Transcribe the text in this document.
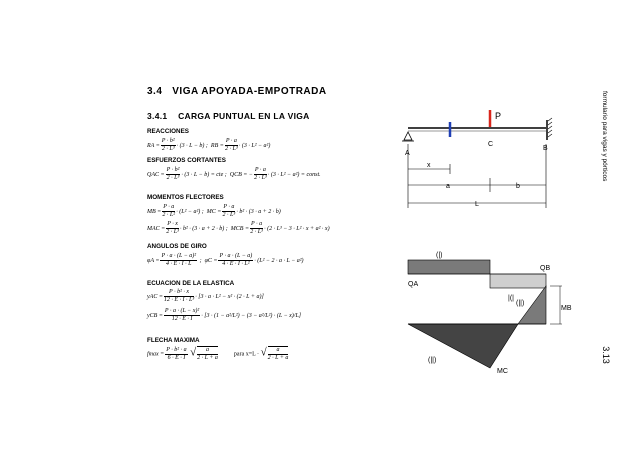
3.4 VIGA APOYADA-EMPOTRADA
3.4.1 CARGA PUNTUAL EN LA VIGA
REACCIONES
RA = $\frac{\text{P · b²}}{\text{2 · L³}} \cdot (3 \cdot L - b)$ ; RB = $\frac{P \cdot a}{\text{2 · L³}} \cdot (3 \cdot L^2 - a^2)$
ESFUERZOS CORTANTES
QAC = $\frac{\text{P · b²}}{\text{2 · L³}} \cdot (3 \cdot L - b)$ = cte ; QCB = − $\frac{P \cdot a}{\text{2 · L³}} \cdot (3 \cdot L^2 - a^2)$ = const.
MOMENTOS FLECTORES
MB = $\frac{P \cdot a}{\text{2 · L²}} \cdot (L^2 - a^2)$ ; MC = $\frac{P \cdot a}{\text{2 · L³}} \cdot b^2 \cdot (3 \cdot a + 2 \cdot b)$
MAC = $\frac{P \cdot x}{\text{2 · L³}} \cdot b^2 \cdot (3 \cdot a + 2 \cdot b)$ ; MCB = $\frac{P \cdot a}{\text{2 · L³}} \cdot (2 \cdot L^3 - 3 \cdot L^2 \cdot x + a^2 \cdot x)$
ANGULOS DE GIRO
$\varphi A = \frac{\text{P · a · (L − a)²}}{4 \cdot E \cdot I \cdot L}$ ; $\varphi C = \frac{P \cdot a \cdot (L - a)}{\text{4 · E · I · L²}} \cdot (L^2 - 2 \cdot a \cdot L - a^2)$
ECUACION DE LA ELASTICA
yAC = $\frac{\text{P · b² · x}}{\text{12 · E · I · L³}} \cdot [3 \cdot a \cdot L^2 - x^2 \cdot (2 \cdot L + a)]$
yCB = $\frac{\text{P · a · (L − x)²}}{12 \cdot E \cdot I} \cdot [3 \cdot (1 - a^2/L^2) - (3 - a^2/L^2) \cdot (L - x)/L]$
FLECHA MAXIMA
$fmax = \frac{\text{P · b² · a}}{6 \cdot E \cdot I}$ √ $\frac{a}{2 \cdot L + a}$	para x=L · √ $\frac{a}{2 \cdot L + a}$
formulario para vigas y pórticos
3.13
P
A
C
B
x
a	b
L
(|)
|(|
QA
QB
(||)
(||)
MB
MC
